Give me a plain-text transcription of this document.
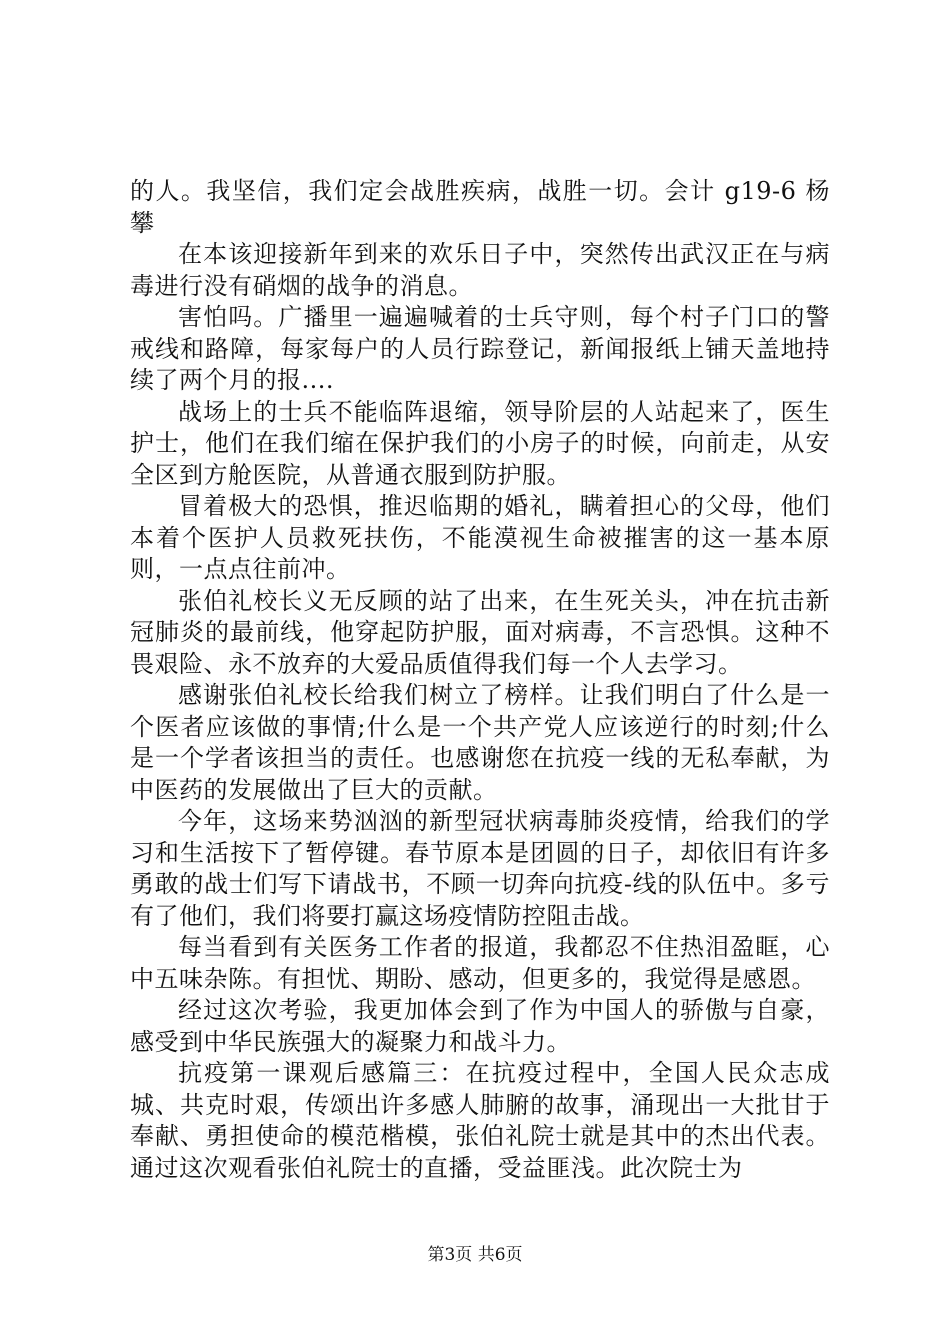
的人。我坚信，我们定会战胜疾病，战胜一切。会计 g19-6 杨攀

在本该迎接新年到来的欢乐日子中，突然传出武汉正在与病毒进行没有硝烟的战争的消息。

害怕吗。广播里一遍遍喊着的士兵守则，每个村子门口的警戒线和路障，每家每户的人员行踪登记，新闻报纸上铺天盖地持续了两个月的报....

战场上的士兵不能临阵退缩，领导阶层的人站起来了，医生护士，他们在我们缩在保护我们的小房子的时候，向前走，从安全区到方舱医院，从普通衣服到防护服。

冒着极大的恐惧，推迟临期的婚礼，瞒着担心的父母，他们本着个医护人员救死扶伤，不能漠视生命被摧害的这一基本原则，一点点往前冲。

张伯礼校长义无反顾的站了出来，在生死关头，冲在抗击新冠肺炎的最前线，他穿起防护服，面对病毒，不言恐惧。这种不畏艰险、永不放弃的大爱品质值得我们每一个人去学习。

感谢张伯礼校长给我们树立了榜样。让我们明白了什么是一个医者应该做的事情;什么是一个共产党人应该逆行的时刻;什么是一个学者该担当的责任。也感谢您在抗疫一线的无私奉献，为中医药的发展做出了巨大的贡献。

今年，这场来势汹汹的新型冠状病毒肺炎疫情，给我们的学习和生活按下了暂停键。春节原本是团圆的日子，却依旧有许多勇敢的战士们写下请战书，不顾一切奔向抗疫-线的队伍中。多亏有了他们，我们将要打赢这场疫情防控阻击战。

每当看到有关医务工作者的报道，我都忍不住热泪盈眶，心中五味杂陈。有担忧、期盼、感动，但更多的，我觉得是感恩。

经过这次考验，我更加体会到了作为中国人的骄傲与自豪，感受到中华民族强大的凝聚力和战斗力。

抗疫第一课观后感篇三：在抗疫过程中，全国人民众志成城、共克时艰，传颂出许多感人肺腑的故事，涌现出一大批甘于奉献、勇担使命的模范楷模，张伯礼院士就是其中的杰出代表。通过这次观看张伯礼院士的直播，受益匪浅。此次院士为

第3页 共6页
